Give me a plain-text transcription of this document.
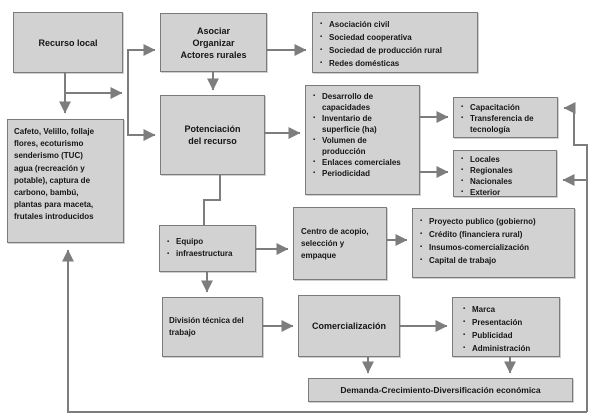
Recurso local
Asociar
Organizar
Actores rurales
▪ Asociación civil
▪ Sociedad cooperativa
▪ Sociedad de producción rural
▪ Redes domésticas
Cafeto, Velillo, follaje
flores, ecoturismo
senderismo (TUC)
agua (recreación y
potable), captura de
carbono, bambú,
plantas para maceta,
frutales introducidos
Potenciación
del recurso
▪ Desarrollo de capacidades
▪ Inventario de superficie (ha)
▪ Volumen de producción
▪ Enlaces comerciales
▪ Periodicidad
▪ Capacitación
▪ Transferencia de tecnología
▪ Locales
▪ Regionales
▪ Nacionales
▪ Exterior
▪ Equipo
▪ infraestructura
Centro de acopio,
selección y
empaque
▪ Proyecto publico (gobierno)
▪ Crédito (financiera rural)
▪ Insumos-comercialización
▪ Capital de trabajo
División técnica del
trabajo
Comercialización
▪ Marca
▪ Presentación
▪ Publicidad
▪ Administración
Demanda-Crecimiento-Diversificación económica
